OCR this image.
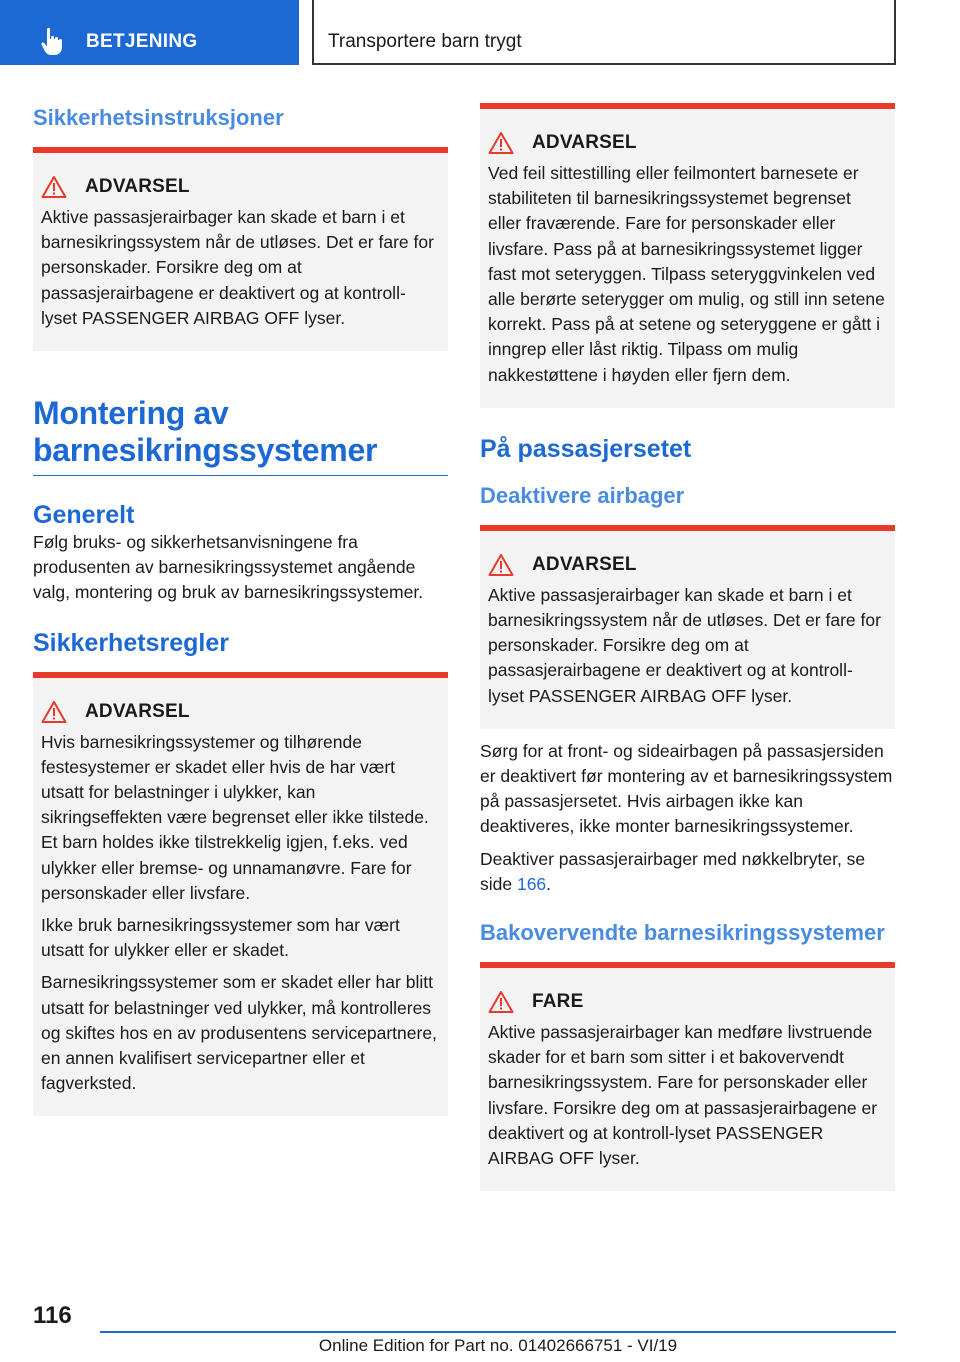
BETJENING	Transportere barn trygt
Sikkerhetsinstruksjoner
ADVARSEL

Aktive passasjerairbager kan skade et barn i et barnesikringssystem når de utløses. Det er fare for personskader. Forsikre deg om at passasjerairbagene er deaktivert og at kontroll-lyset PASSENGER AIRBAG OFF lyser.

Montering av barnesikringssystemer
Generelt

Følg bruks- og sikkerhetsanvisningene fra produsenten av barnesikringssystemet angående valg, montering og bruk av barnesikringssystemer.

Sikkerhetsregler
ADVARSEL

Hvis barnesikringssystemer og tilhørende festesystemer er skadet eller hvis de har vært utsatt for belastninger i ulykker, kan sikringseffekten være begrenset eller ikke tilstede. Et barn holdes ikke tilstrekkelig igjen, f.eks. ved ulykker eller bremse- og unnamanøvre. Fare for personskader eller livsfare.

Ikke bruk barnesikringssystemer som har vært utsatt for ulykker eller er skadet.

Barnesikringssystemer som er skadet eller har blitt utsatt for belastninger ved ulykker, må kontrolleres og skiftes hos en av produsentens servicepartnere, en annen kvalifisert servicepartner eller et fagverksted.

ADVARSEL

Ved feil sittestilling eller feilmontert barnesete er stabiliteten til barnesikringssystemet begrenset eller fraværende. Fare for personskader eller livsfare. Pass på at barnesikringssystemet ligger fast mot seteryggen. Tilpass seteryggvinkelen ved alle berørte seterygger om mulig, og still inn setene korrekt. Pass på at setene og seteryggene er gått i inngrep eller låst riktig. Tilpass om mulig nakkestøttene i høyden eller fjern dem.

På passasjersetet
Deaktivere airbager
ADVARSEL

Aktive passasjerairbager kan skade et barn i et barnesikringssystem når de utløses. Det er fare for personskader. Forsikre deg om at passasjerairbagene er deaktivert og at kontroll-lyset PASSENGER AIRBAG OFF lyser.

Sørg for at front- og sideairbagen på passasjersiden er deaktivert før montering av et barnesikringssystem på passasjersetet. Hvis airbagen ikke kan deaktiveres, ikke monter barnesikringssystemer.

Deaktiver passasjerairbager med nøkkelbryter, se side 166.

Bakovervendte barnesikringssystemer
FARE

Aktive passasjerairbager kan medføre livstruende skader for et barn som sitter i et bakovervendt barnesikringssystem. Fare for personskader eller livsfare. Forsikre deg om at passasjerairbagene er deaktivert og at kontroll-lyset PASSENGER AIRBAG OFF lyser.

116
Online Edition for Part no. 01402666751 - VI/19
